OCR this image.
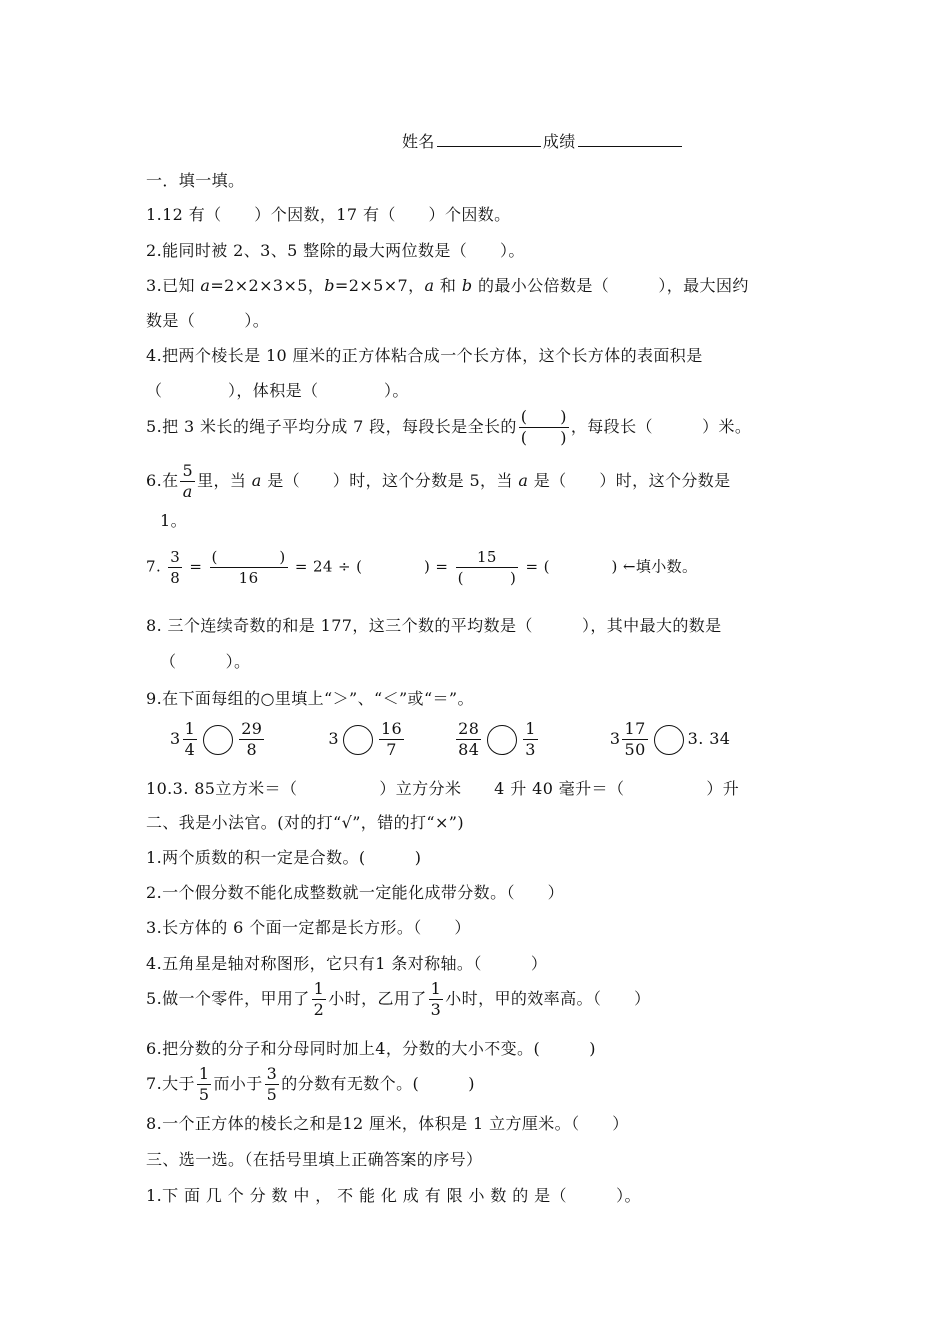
姓名	成绩
一．填一填。
1.12 有（　　）个因数，17 有（　　）个因数。
2.能同时被 2、3、5 整除的最大两位数是（　　）。
3.已知 a=2×2×3×5，b=2×5×7，a 和 b 的最小公倍数是（　　　），最大因约
数是（　　　）。
4.把两个棱长是 10 厘米的正方体粘合成一个长方体，这个长方体的表面积是
（　　　　），体积是（　　　　）。
5.把 3 米长的绳子平均分成 7 段，每段长是全长的 $\frac{( )}{( )}$ ，每段长（　　　）米。
6.在 $\frac{5}{a}$ 里，当 a 是（　　）时，这个分数是 5，当 a 是（　　）时，这个分数是
1。
7. $\frac{3}{8} = \frac{( )}{16} = 24$ ÷ (　　　　) = $\frac{15}{( )}$ = (　　　　) ←填小数。
8. 三个连续奇数的和是 177，这三个数的平均数是（　　　），其中最大的数是
（　　　）。
9.在下面每组的○里填上“＞”、“＜”或“＝”。
$3 \frac{1}{4}$	$\frac{29}{8}$	3	$\frac{16}{7}$	$\frac{28}{84}$	$\frac{1}{3}$	$3 \frac{17}{50}$	3. 34
10.3. 85立方米＝（　　　　　）立方分米　　4 升 40 毫升＝（　　　　　）升
二、我是小法官。(对的打“√”，错的打“×”)
1.两个质数的积一定是合数。(　　　)
2.一个假分数不能化成整数就一定能化成带分数。（　　）
3.长方体的 6 个面一定都是长方形。（　　）
4.五角星是轴对称图形，它只有1 条对称轴。（　　　）
5.做一个零件，甲用了 $\frac{1}{2}$ 小时，乙用了 $\frac{1}{3}$ 小时，甲的效率高。（　　）
6.把分数的分子和分母同时加上4，分数的大小不变。(　　　)
7.大于 $\frac{1}{5}$ 而小于 $\frac{3}{5}$ 的分数有无数个。(　　　)
8.一个正方体的棱长之和是12 厘米，体积是 1 立方厘米。（　　）
三、选一选。（在括号里填上正确答案的序号）
1.下 面 几 个 分 数 中 ， 不 能 化 成 有 限 小 数 的 是（　　　）。
